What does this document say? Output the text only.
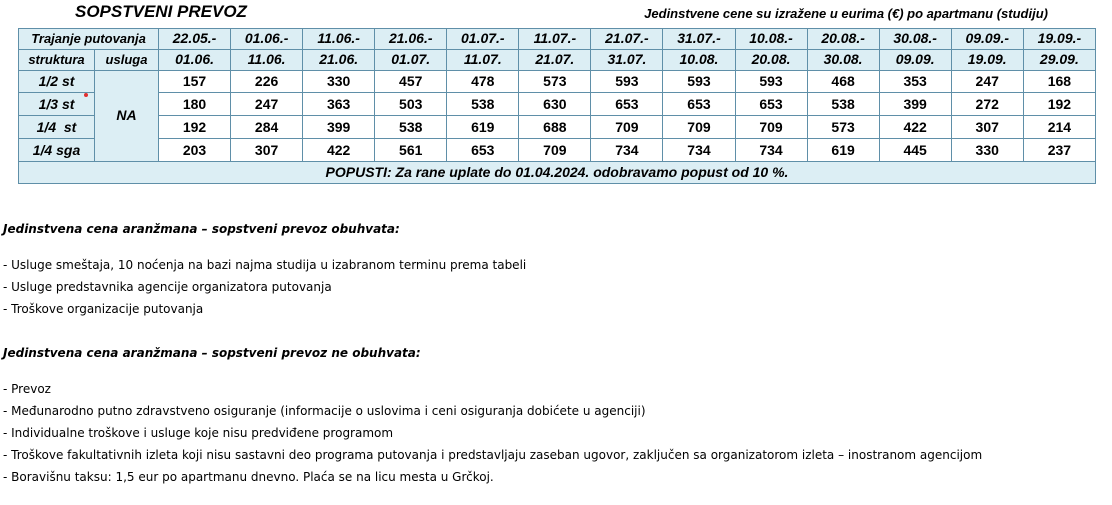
SOPSTVENI PREVOZ	Jedinstvene cene su izražene u eurima (€) po apartmanu (studiju)
Trajanje putovanja		22.05.-	01.06.-	11.06.-	21.06.-	01.07.-	11.07.-	21.07.-	31.07.-	10.08.-	20.08.-	30.08.-	09.09.-	19.09.-
struktura	usluga	01.06.	11.06.	21.06.	01.07.	11.07.	21.07.	31.07.	10.08.	20.08.	30.08.	09.09.	19.09.	29.09.
1/2 st	NA	157	226	330	457	478	573	593	593	593	468	353	247	168
1/3 st		180	247	363	503	538	630	653	653	653	538	399	272	192
1/4  st		192	284	399	538	619	688	709	709	709	573	422	307	214
1/4 sga		203	307	422	561	653	709	734	734	734	619	445	330	237
POPUSTI: Za rane uplate do 01.04.2024. odobravamo popust od 10 %.														
Jedinstvena cena aranžmana – sopstveni prevoz obuhvata:
- Usluge smeštaja, 10 noćenja na bazi najma studija u izabranom terminu prema tabeli
- Usluge predstavnika agencije organizatora putovanja
- Troškove organizacije putovanja
Jedinstvena cena aranžmana – sopstveni prevoz ne obuhvata:
- Prevoz
- Međunarodno putno zdravstveno osiguranje (informacije o uslovima i ceni osiguranja dobićete u agenciji)
- Individualne troškove i usluge koje nisu predviđene programom
- Troškove fakultativnih izleta koji nisu sastavni deo programa putovanja i predstavljaju zaseban ugovor, zaključen sa organizatorom izleta – inostranom agencijom
- Boravišnu taksu: 1,5 eur po apartmanu dnevno. Plaća se na licu mesta u Grčkoj.
